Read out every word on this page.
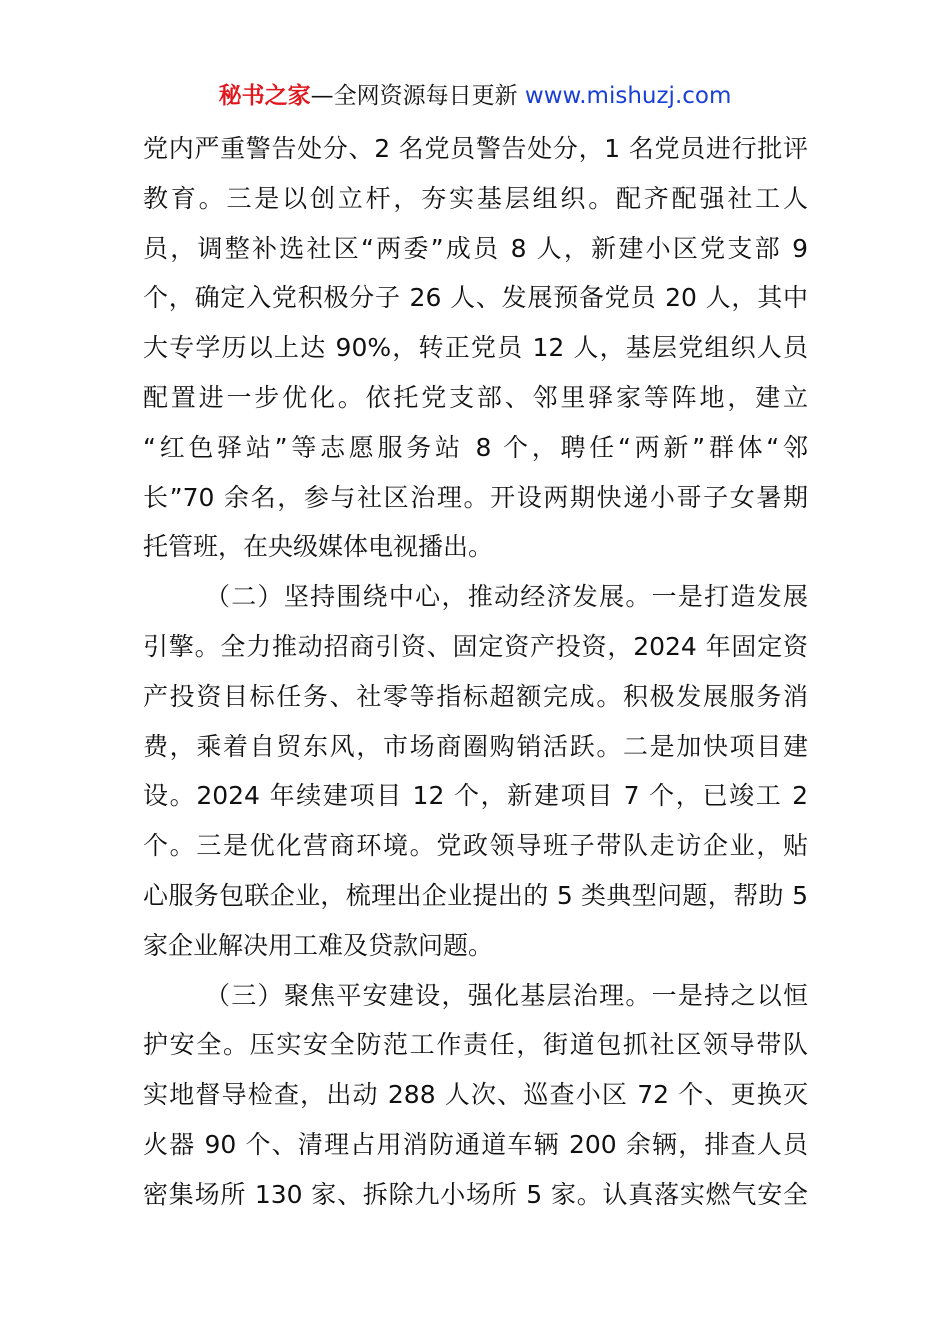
秘书之家—全网资源每日更新 www.mishuzj.com
党内严重警告处分、2 名党员警告处分，1 名党员进行批评
教育。三是以创立杆，夯实基层组织。配齐配强社工人
员，调整补选社区“两委”成员 8 人，新建小区党支部 9
个，确定入党积极分子 26 人、发展预备党员 20 人，其中
大专学历以上达 90%，转正党员 12 人，基层党组织人员
配置进一步优化。依托党支部、邻里驿家等阵地，建立
“红色驿站”等志愿服务站 8 个，聘任“两新”群体“邻
长”70 余名，参与社区治理。开设两期快递小哥子女暑期
托管班，在央级媒体电视播出。
（二）坚持围绕中心，推动经济发展。一是打造发展
引擎。全力推动招商引资、固定资产投资，2024 年固定资
产投资目标任务、社零等指标超额完成。积极发展服务消
费，乘着自贸东风，市场商圈购销活跃。二是加快项目建
设。2024 年续建项目 12 个，新建项目 7 个，已竣工 2
个。三是优化营商环境。党政领导班子带队走访企业，贴
心服务包联企业，梳理出企业提出的 5 类典型问题，帮助 5
家企业解决用工难及贷款问题。
（三）聚焦平安建设，强化基层治理。一是持之以恒
护安全。压实安全防范工作责任，街道包抓社区领导带队
实地督导检查，出动 288 人次、巡查小区 72 个、更换灭
火器 90 个、清理占用消防通道车辆 200 余辆，排查人员
密集场所 130 家、拆除九小场所 5 家。认真落实燃气安全
